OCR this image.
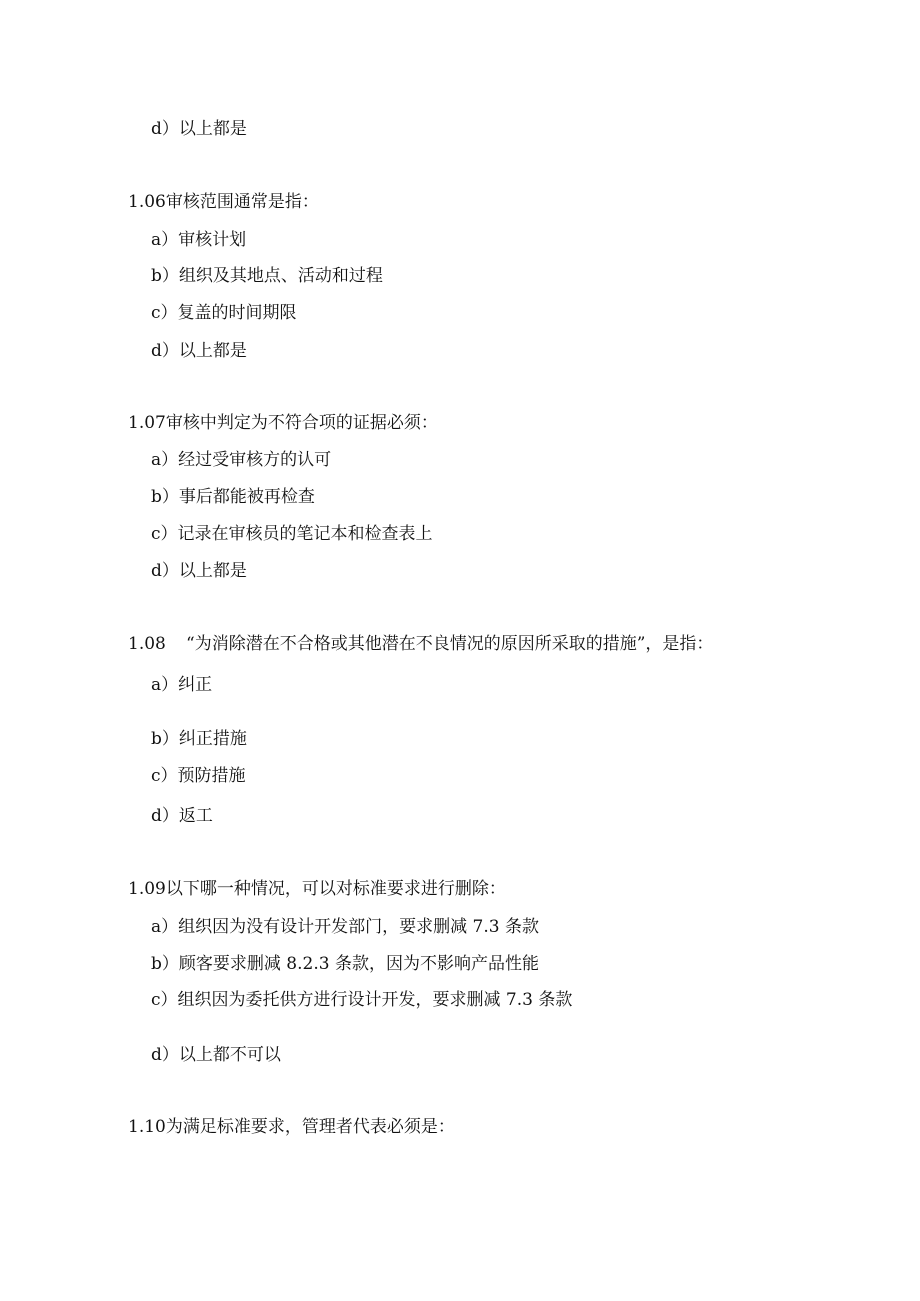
d）以上都是
1.06审核范围通常是指：
a）审核计划
b）组织及其地点、活动和过程
c）复盖的时间期限
d）以上都是
1.07审核中判定为不符合项的证据必须：
a）经过受审核方的认可
b）事后都能被再检查
c）记录在审核员的笔记本和检查表上
d）以上都是
1.08 “为消除潜在不合格或其他潜在不良情况的原因所采取的措施”，是指：
a）纠正
b）纠正措施
c）预防措施
d）返工
1.09以下哪一种情况，可以对标准要求进行删除：
a）组织因为没有设计开发部门，要求删减 7.3 条款
b）顾客要求删减 8.2.3 条款，因为不影响产品性能
c）组织因为委托供方进行设计开发，要求删减 7.3 条款
d）以上都不可以
1.10为满足标准要求，管理者代表必须是：
